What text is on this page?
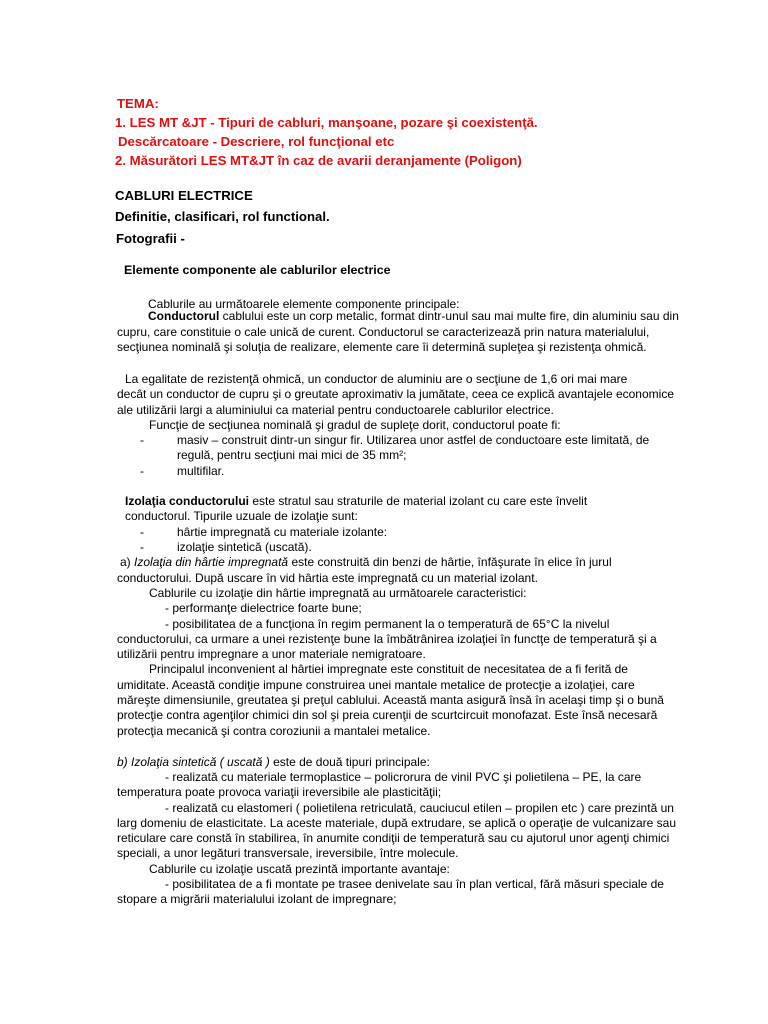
TEMA:
1. LES MT &JT - Tipuri de cabluri, manşoane, pozare şi coexistenţă.
Descărcatoare - Descriere, rol funcţional etc
2. Măsurători LES MT&JT în caz de avarii deranjamente (Poligon)
CABLURI ELECTRICE
Definitie, clasificari, rol functional.
Fotografii -
Elemente componente ale cablurilor electrice
Cablurile au următoarele elemente componente principale:
Conductorul cablului este un corp metalic, format dintr-unul sau mai multe fire, din aluminiu sau din
cupru, care constituie o cale unică de curent. Conductorul se caracterizează prin natura materialului,
secţiunea nominală şi soluţia de realizare, elemente care îi determină supleţea şi rezistenţa ohmică.
La egalitate de rezistenţă ohmică, un conductor de aluminiu are o secţiune de 1,6 ori mai mare
decât un conductor de cupru şi o greutate aproximativ la jumătate, ceea ce explică avantajele economice
ale utilizării largi a aluminiului ca material pentru conductoarele cablurilor electrice.
Funcţie de secţiunea nominală şi gradul de supleţe dorit, conductorul poate fi:
-	masiv – construit dintr-un singur fir. Utilizarea unor astfel de conductoare este limitată, de
regulă, pentru secţiuni mai mici de 35 mm²;
-	multifilar.
Izolaţia conductorului este stratul sau straturile de material izolant cu care este învelit
conductorul. Tipurile uzuale de izolaţie sunt:
-	hârtie impregnată cu materiale izolante:
-	izolaţie sintetică (uscată).
a) Izolaţia din hârtie impregnată este construită din benzi de hârtie, înfăşurate în elice în jurul
conductorului. După uscare în vid hârtia este impregnată cu un material izolant.
Cablurile cu izolaţie din hârtie impregnată au următoarele caracteristici:
- performanţe dielectrice foarte bune;
- posibilitatea de a funcţiona în regim permanent la o temperatură de 65°C la nivelul
conductorului, ca urmare a unei rezistenţe bune la îmbătrânirea izolaţiei în functţe de temperatură şi a
utilizării pentru impregnare a unor materiale nemigratoare.
Principalul inconvenient al hârtiei impregnate este constituit de necesitatea de a fi ferită de
umiditate. Această condiţie impune construirea unei mantale metalice de protecţie a izolaţiei, care
măreşte dimensiunile, greutatea şi preţul cablului. Această manta asigură însă în acelaşi timp şi o bună
protecţie contra agenţilor chimici din sol şi preia curenţii de scurtcircuit monofazat. Este însă necesară
protecţia mecanică şi contra coroziunii a mantalei metalice.
b) Izolaţia sintetică ( uscată ) este de două tipuri principale:
- realizată cu materiale termoplastice – policrorura de vinil PVC şi polietilena – PE, la care
temperatura poate provoca variaţii ireversibile ale plasticităţii;
- realizată cu elastomeri ( polietilena retriculată, cauciucul etilen – propilen etc ) care prezintă un
larg domeniu de elasticitate. La aceste materiale, după extrudare, se aplică o operaţie de vulcanizare sau
reticulare care constă în stabilirea, în anumite condiţii de temperatură sau cu ajutorul unor agenţi chimici
speciali, a unor legături transversale, ireversibile, între molecule.
Cablurile cu izolaţie uscată prezintă importante avantaje:
- posibilitatea de a fi montate pe trasee denivelate sau în plan vertical, fără măsuri speciale de
stopare a migrării materialului izolant de impregnare;
